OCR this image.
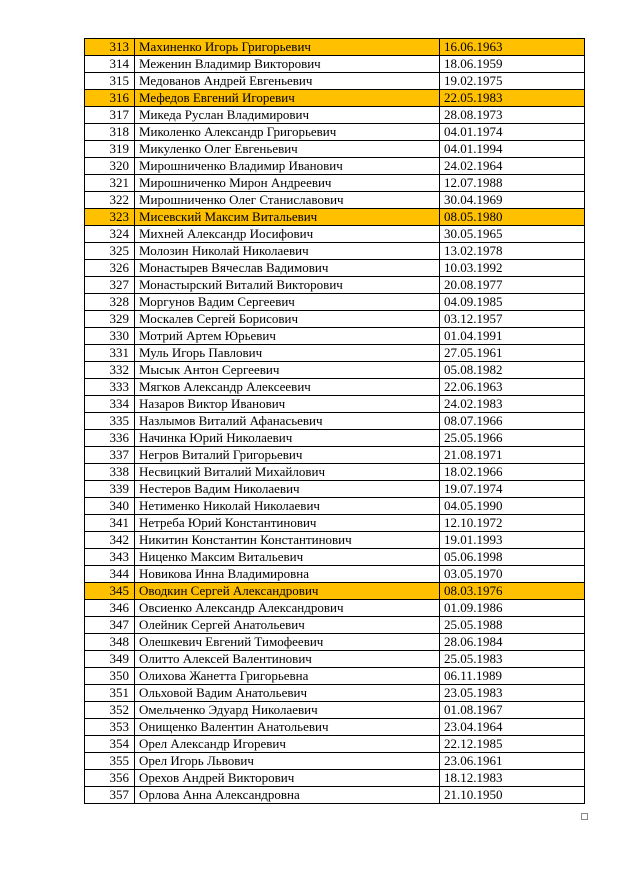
313	Махиненко Игорь Григорьевич	16.06.1963
314	Меженин Владимир Викторович	18.06.1959
315	Медованов Андрей Евгеньевич	19.02.1975
316	Мефедов Евгений Игоревич	22.05.1983
317	Микеда Руслан Владимирович	28.08.1973
318	Миколенко Александр Григорьевич	04.01.1974
319	Микуленко Олег Евгеньевич	04.01.1994
320	Мирошниченко Владимир Иванович	24.02.1964
321	Мирошниченко Мирон Андреевич	12.07.1988
322	Мирошниченко Олег Станиславович	30.04.1969
323	Мисевский Максим Витальевич	08.05.1980
324	Михней Александр Иосифович	30.05.1965
325	Молозин Николай Николаевич	13.02.1978
326	Монастырев Вячеслав Вадимович	10.03.1992
327	Монастырский Виталий Викторович	20.08.1977
328	Моргунов Вадим Сергеевич	04.09.1985
329	Москалев Сергей Борисович	03.12.1957
330	Мотрий Артем Юрьевич	01.04.1991
331	Муль Игорь Павлович	27.05.1961
332	Мысык Антон Сергеевич	05.08.1982
333	Мягков Александр Алексеевич	22.06.1963
334	Назаров Виктор Иванович	24.02.1983
335	Назлымов Виталий Афанасьевич	08.07.1966
336	Начинка Юрий Николаевич	25.05.1966
337	Негров Виталий Григорьевич	21.08.1971
338	Несвицкий Виталий Михайлович	18.02.1966
339	Нестеров Вадим Николаевич	19.07.1974
340	Нетименко Николай Николаевич	04.05.1990
341	Нетреба Юрий Константинович	12.10.1972
342	Никитин Константин Константинович	19.01.1993
343	Ниценко Максим Витальевич	05.06.1998
344	Новикова Инна Владимировна	03.05.1970
345	Оводкин Сергей Александрович	08.03.1976
346	Овсиенко Александр Александрович	01.09.1986
347	Олейник Сергей Анатольевич	25.05.1988
348	Олешкевич Евгений Тимофеевич	28.06.1984
349	Олитто Алексей Валентинович	25.05.1983
350	Олихова Жанетта Григорьевна	06.11.1989
351	Ольховой Вадим Анатольевич	23.05.1983
352	Омельченко Эдуард Николаевич	01.08.1967
353	Онищенко Валентин Анатольевич	23.04.1964
354	Орел Александр Игоревич	22.12.1985
355	Орел Игорь Львович	23.06.1961
356	Орехов Андрей Викторович	18.12.1983
357	Орлова Анна Александровна	21.10.1950
